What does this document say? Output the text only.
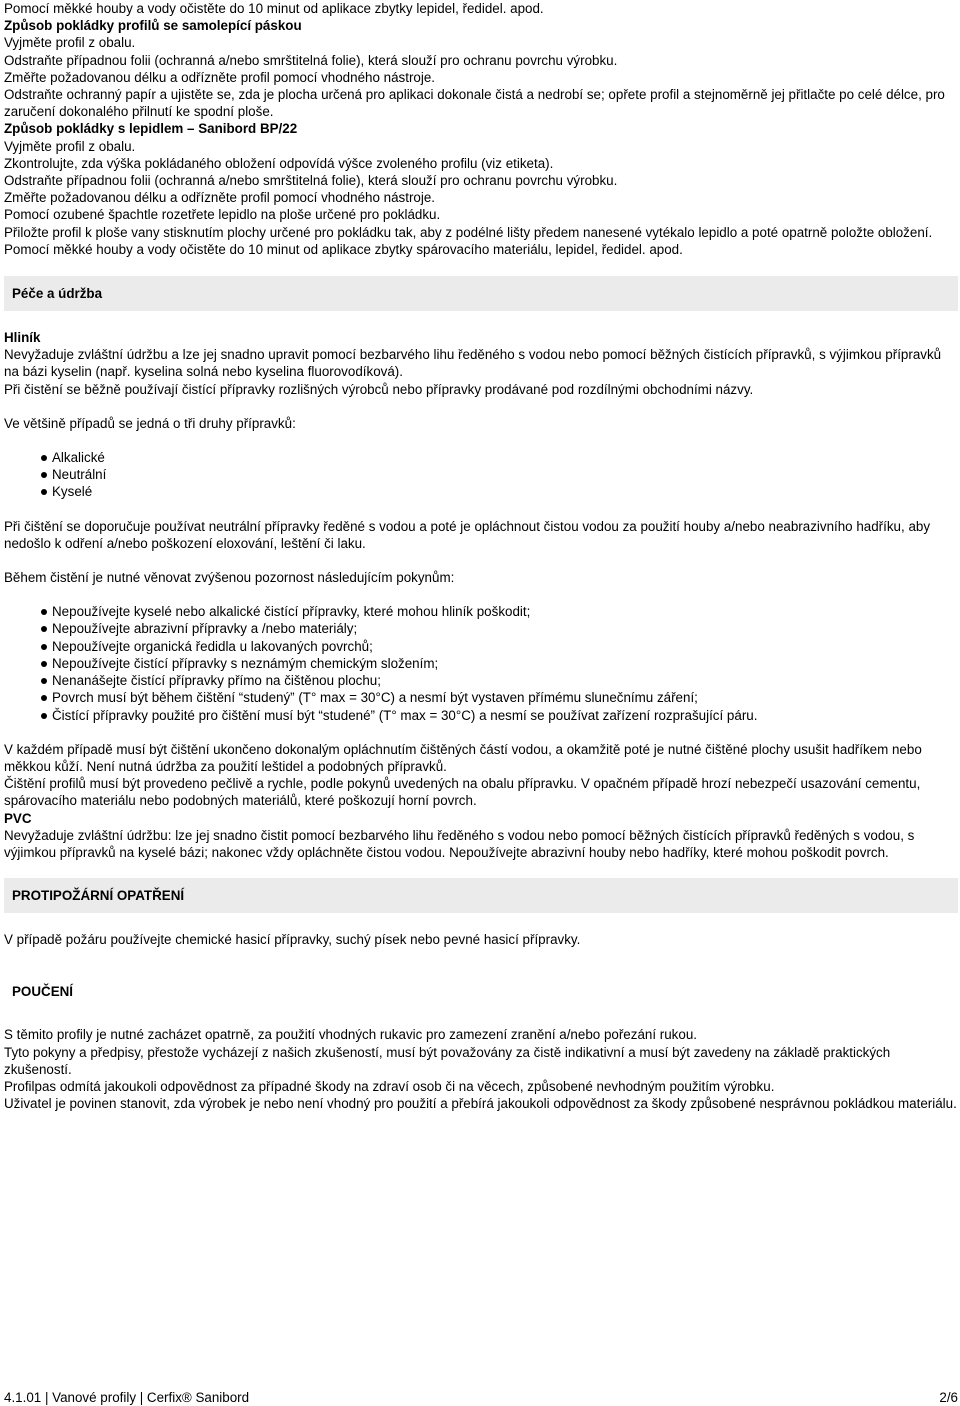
Pomocí měkké houby a vody očistěte do 10 minut od aplikace zbytky lepidel, ředidel. apod.

Způsob pokládky profilů se samolepící páskou

Vyjměte profil z obalu.

Odstraňte případnou folii (ochranná a/nebo smrštitelná folie), která slouží pro ochranu povrchu výrobku.

Změřte požadovanou délku a odřízněte profil pomocí vhodného nástroje.

Odstraňte ochranný papír a ujistěte se, zda je plocha určená pro aplikaci dokonale čistá a nedrobí se; opřete profil a stejnoměrně jej přitlačte po celé délce, pro zaručení dokonalého přilnutí ke spodní ploše.

Způsob pokládky s lepidlem – Sanibord BP/22

Vyjměte profil z obalu.

Zkontrolujte, zda výška pokládaného obložení odpovídá výšce zvoleného profilu (viz etiketa).

Odstraňte případnou folii (ochranná a/nebo smrštitelná folie), která slouží pro ochranu povrchu výrobku.

Změřte požadovanou délku a odřízněte profil pomocí vhodného nástroje.

Pomocí ozubené špachtle rozetřete lepidlo na ploše určené pro pokládku.

Přiložte profil k ploše vany stisknutím plochy určené pro pokládku tak, aby z podélné lišty předem nanesené vytékalo lepidlo a poté opatrně položte obložení.

Pomocí měkké houby a vody očistěte do 10 minut od aplikace zbytky spárovacího materiálu, lepidel, ředidel. apod.

Péče a údržba

Hliník

Nevyžaduje zvláštní údržbu a lze jej snadno upravit pomocí bezbarvého lihu ředěného s vodou nebo pomocí běžných čistících přípravků, s výjimkou přípravků na bázi kyselin (např. kyselina solná nebo kyselina fluorovodíková).

Při čistění se běžně používají čistící přípravky rozlišných výrobců nebo přípravky prodávané pod rozdílnými obchodními názvy.

Ve většině případů se jedná o tři druhy přípravků:

Alkalické
Neutrální
Kyselé

Při čištění se doporučuje používat neutrální přípravky ředěné s vodou a poté je opláchnout čistou vodou za použití houby a/nebo neabrazivního hadříku, aby nedošlo k odření a/nebo poškození eloxování, leštění či laku.

Během čistění je nutné věnovat zvýšenou pozornost následujícím pokynům:

Nepoužívejte kyselé nebo alkalické čistící přípravky, které mohou hliník poškodit;
Nepoužívejte abrazivní přípravky a /nebo materiály;
Nepoužívejte organická ředidla u lakovaných povrchů;
Nepoužívejte čistící přípravky s neznámým chemickým složením;
Nenanášejte čistící přípravky přímo na čištěnou plochu;
Povrch musí být během čištění “studený” (T° max = 30°C) a nesmí být vystaven přímému slunečnímu záření;
Čistící přípravky použité pro čištění musí být “studené” (T° max = 30°C) a nesmí se používat zařízení rozprašující páru.

V každém případě musí být čištění ukončeno dokonalým opláchnutím čištěných částí vodou, a okamžitě poté je nutné čištěné plochy usušit hadříkem nebo měkkou kůží. Není nutná údržba za použití leštidel a podobných přípravků.

Čištění profilů musí být provedeno pečlivě a rychle, podle pokynů uvedených na obalu přípravku. V opačném případě hrozí nebezpečí usazování cementu, spárovacího materiálu nebo podobných materiálů, které poškozují horní povrch.

PVC

Nevyžaduje zvláštní údržbu: lze jej snadno čistit pomocí bezbarvého lihu ředěného s vodou nebo pomocí běžných čistících přípravků ředěných s vodou, s výjimkou přípravků na kyselé bázi; nakonec vždy opláchněte čistou vodou. Nepoužívejte abrazivní houby nebo hadříky, které mohou poškodit povrch.

PROTIPOŽÁRNÍ OPATŘENÍ

V případě požáru používejte chemické hasicí přípravky, suchý písek nebo pevné hasicí přípravky.

POUČENÍ

S těmito profily je nutné zacházet opatrně, za použití vhodných rukavic pro zamezení zranění a/nebo pořezání rukou.

Tyto pokyny a předpisy, přestože vycházejí z našich zkušeností, musí být považovány za čistě indikativní a musí být zavedeny na základě praktických zkušeností.

Profilpas odmítá jakoukoli odpovědnost za případné škody na zdraví osob či na věcech, způsobené nevhodným použitím výrobku.

Uživatel je povinen stanovit, zda výrobek je nebo není vhodný pro použití a přebírá jakoukoli odpovědnost za škody způsobené nesprávnou pokládkou materiálu.

4.1.01 | Vanové profily | Cerfix® Sanibord	2/6
